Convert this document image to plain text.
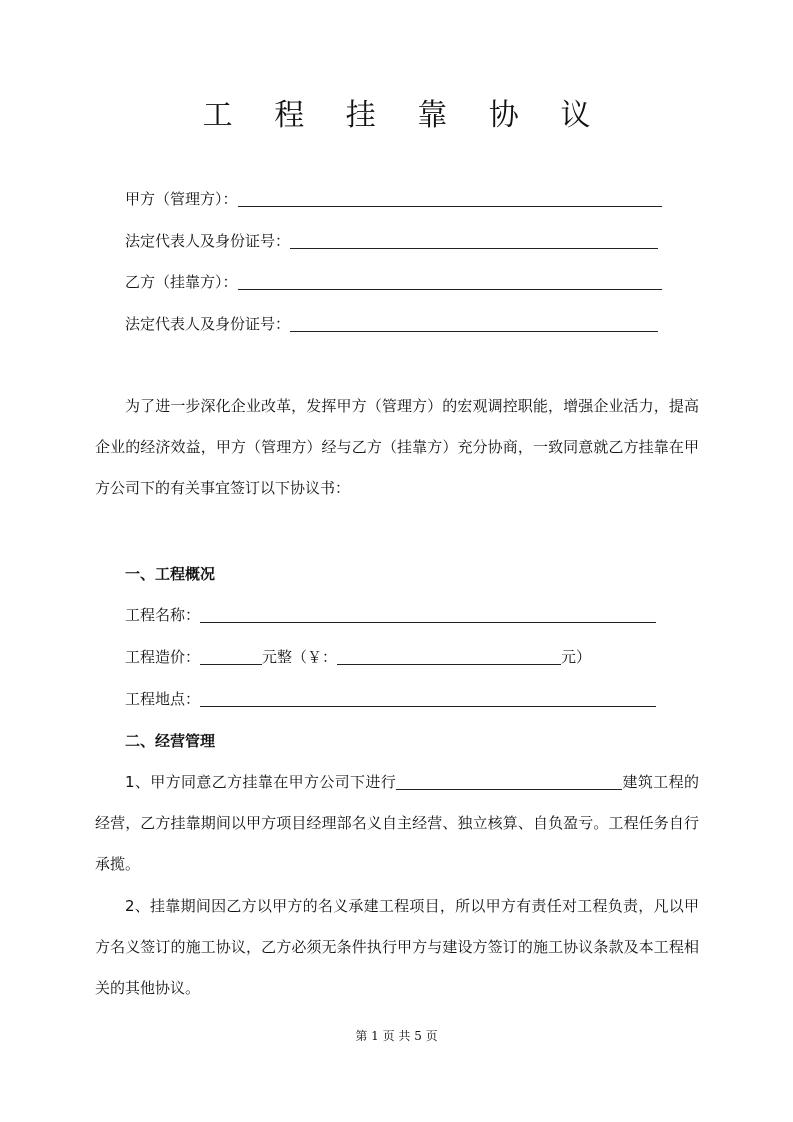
工 程 挂 靠 协 议
甲方（管理方）：
法定代表人及身份证号：
乙方（挂靠方）：
法定代表人及身份证号：
为了进一步深化企业改革，发挥甲方（管理方）的宏观调控职能，增强企业活力，提高企业的经济效益，甲方（管理方）经与乙方（挂靠方）充分协商，一致同意就乙方挂靠在甲方公司下的有关事宜签订以下协议书：
一、工程概况
工程名称：
工程造价：	元整（￥：	元）
工程地点：
二、经营管理
1、甲方同意乙方挂靠在甲方公司下进行	建筑工程的经营，乙方挂靠期间以甲方项目经理部名义自主经营、独立核算、自负盈亏。工程任务自行承揽。
2、挂靠期间因乙方以甲方的名义承建工程项目，所以甲方有责任对工程负责，凡以甲方名义签订的施工协议，乙方必须无条件执行甲方与建设方签订的施工协议条款及本工程相关的其他协议。
第 1 页 共 5 页
